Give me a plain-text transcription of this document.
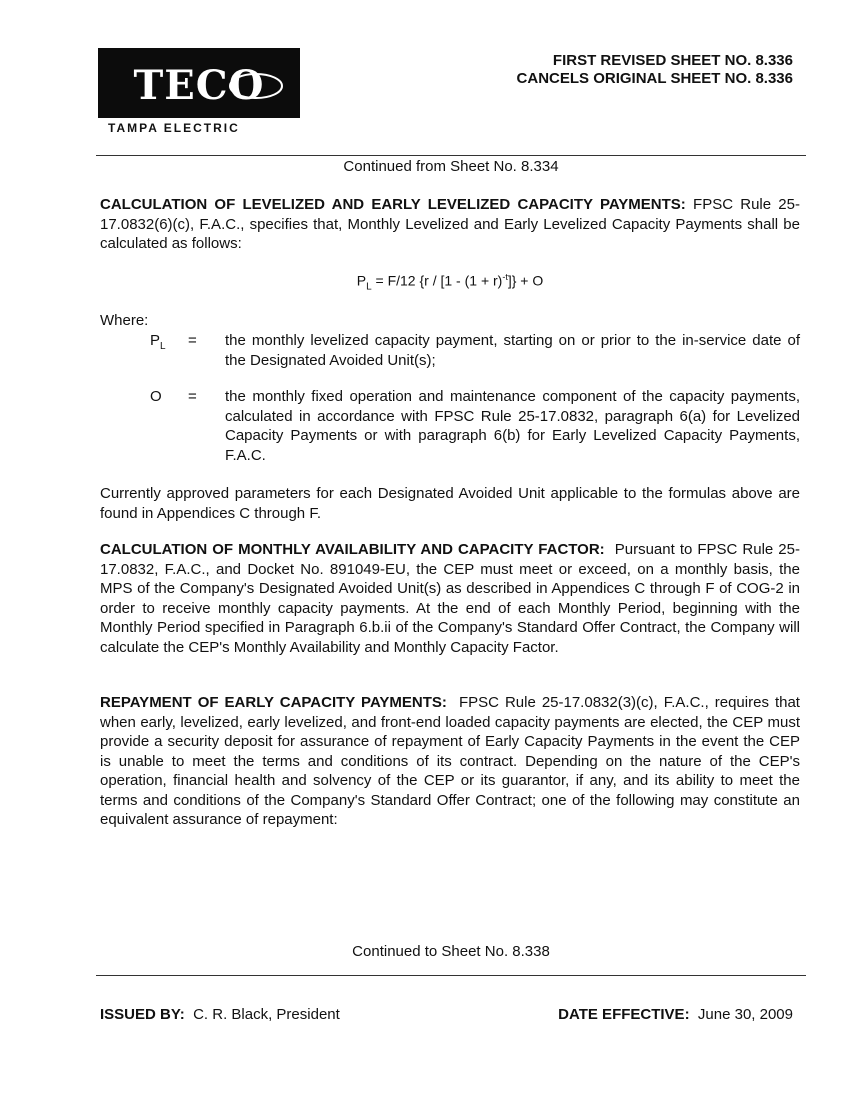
TECO
TAMPA ELECTRIC
FIRST REVISED SHEET NO. 8.336
CANCELS ORIGINAL SHEET NO. 8.336
Continued from Sheet No. 8.334
CALCULATION OF LEVELIZED AND EARLY LEVELIZED CAPACITY PAYMENTS: FPSC Rule 25-17.0832(6)(c), F.A.C., specifies that, Monthly Levelized and Early Levelized Capacity Payments shall be calculated as follows:
$P_L = F/12$ $\{r / [1 - (1 + r)^{-t}]\} + O$
Where:
$P_L$ = the monthly levelized capacity payment, starting on or prior to the in-service date of the Designated Avoided Unit(s);
O = the monthly fixed operation and maintenance component of the capacity payments, calculated in accordance with FPSC Rule 25-17.0832, paragraph 6(a) for Levelized Capacity Payments or with paragraph 6(b) for Early Levelized Capacity Payments, F.A.C.
Currently approved parameters for each Designated Avoided Unit applicable to the formulas above are found in Appendices C through F.
CALCULATION OF MONTHLY AVAILABILITY AND CAPACITY FACTOR: Pursuant to FPSC Rule 25-17.0832, F.A.C., and Docket No. 891049-EU, the CEP must meet or exceed, on a monthly basis, the MPS of the Company's Designated Avoided Unit(s) as described in Appendices C through F of COG-2 in order to receive monthly capacity payments. At the end of each Monthly Period, beginning with the Monthly Period specified in Paragraph 6.b.ii of the Company's Standard Offer Contract, the Company will calculate the CEP's Monthly Availability and Monthly Capacity Factor.
REPAYMENT OF EARLY CAPACITY PAYMENTS: FPSC Rule 25-17.0832(3)(c), F.A.C., requires that when early, levelized, early levelized, and front-end loaded capacity payments are elected, the CEP must provide a security deposit for assurance of repayment of Early Capacity Payments in the event the CEP is unable to meet the terms and conditions of its contract. Depending on the nature of the CEP's operation, financial health and solvency of the CEP or its guarantor, if any, and its ability to meet the terms and conditions of the Company's Standard Offer Contract; one of the following may constitute an equivalent assurance of repayment:
Continued to Sheet No. 8.338
ISSUED BY: C. R. Black, President	DATE EFFECTIVE: June 30, 2009
